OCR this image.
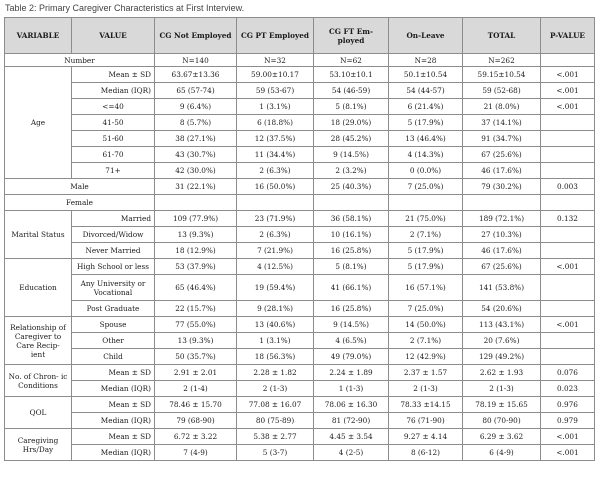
Table 2: Primary Caregiver Characteristics at First Interview.
VARIABLE	VALUE	CG Not Employed	CG PT Employed	CG FT Em- ployed	On-Leave	TOTAL	P-VALUE
Number		N=140	N=32	N=62	N=28	N=262	
Age	Mean ± SD	63.67±13.36	59.00±10.17	53.10±10.1	50.1±10.54	59.15±10.54	<.001
	Median (IQR)	65 (57-74)	59 (53-67)	54 (46-59)	54 (44-57)	59 (52-68)	<.001
	<=40	9 (6.4%)	1 (3.1%)	5 (8.1%)	6 (21.4%)	21 (8.0%)	<.001
	41-50	8 (5.7%)	6 (18.8%)	18 (29.0%)	5 (17.9%)	37 (14.1%)	
	51-60	38 (27.1%)	12 (37.5%)	28 (45.2%)	13 (46.4%)	91 (34.7%)	
	61-70	43 (30.7%)	11 (34.4%)	9 (14.5%)	4 (14.3%)	67 (25.6%)	
	71+	42 (30.0%)	2 (6.3%)	2 (3.2%)	0 (0.0%)	46 (17.6%)	
Male		31 (22.1%)	16 (50.0%)	25 (40.3%)	7 (25.0%)	79 (30.2%)	0.003
Female							
Marital Status	Married	109 (77.9%)	23 (71.9%)	36 (58.1%)	21 (75.0%)	189 (72.1%)	0.132
	Divorced/Widow	13 (9.3%)	2 (6.3%)	10 (16.1%)	2 (7.1%)	27 (10.3%)	
	Never Married	18 (12.9%)	7 (21.9%)	16 (25.8%)	5 (17.9%)	46 (17.6%)	
Education	High School or less	53 (37.9%)	4 (12.5%)	5 (8.1%)	5 (17.9%)	67 (25.6%)	<.001
	Any University or Vocational	65 (46.4%)	19 (59.4%)	41 (66.1%)	16 (57.1%)	141 (53.8%)	
	Post Graduate	22 (15.7%)	9 (28.1%)	16 (25.8%)	7 (25.0%)	54 (20.6%)	
Relationship of Caregiver to Care Recip- ient	Spouse	77 (55.0%)	13 (40.6%)	9 (14.5%)	14 (50.0%)	113 (43.1%)	<.001
	Other	13 (9.3%)	1 (3.1%)	4 (6.5%)	2 (7.1%)	20 (7.6%)	
	Child	50 (35.7%)	18 (56.3%)	49 (79.0%)	12 (42.9%)	129 (49.2%)	
No. of Chron- ic Conditions	Mean ± SD	2.91 ± 2.01	2.28 ± 1.82	2.24 ± 1.89	2.37 ± 1.57	2.62 ± 1.93	0.076
	Median (IQR)	2 (1-4)	2 (1-3)	1 (1-3)	2 (1-3)	2 (1-3)	0.023
QOL	Mean ± SD	78.46 ± 15.70	77.08 ± 16.07	78.06 ± 16.30	78.33 ±14.15	78.19 ± 15.65	0.976
	Median (IQR)	79 (68-90)	80 (75-89)	81 (72-90)	76 (71-90)	80 (70-90)	0.979
Caregiving Hrs/Day	Mean ± SD	6.72 ± 3.22	5.38 ± 2.77	4.45 ± 3.54	9.27 ± 4.14	6.29 ± 3.62	<.001
	Median (IQR)	7 (4-9)	5 (3-7)	4 (2-5)	8 (6-12)	6 (4-9)	<.001
